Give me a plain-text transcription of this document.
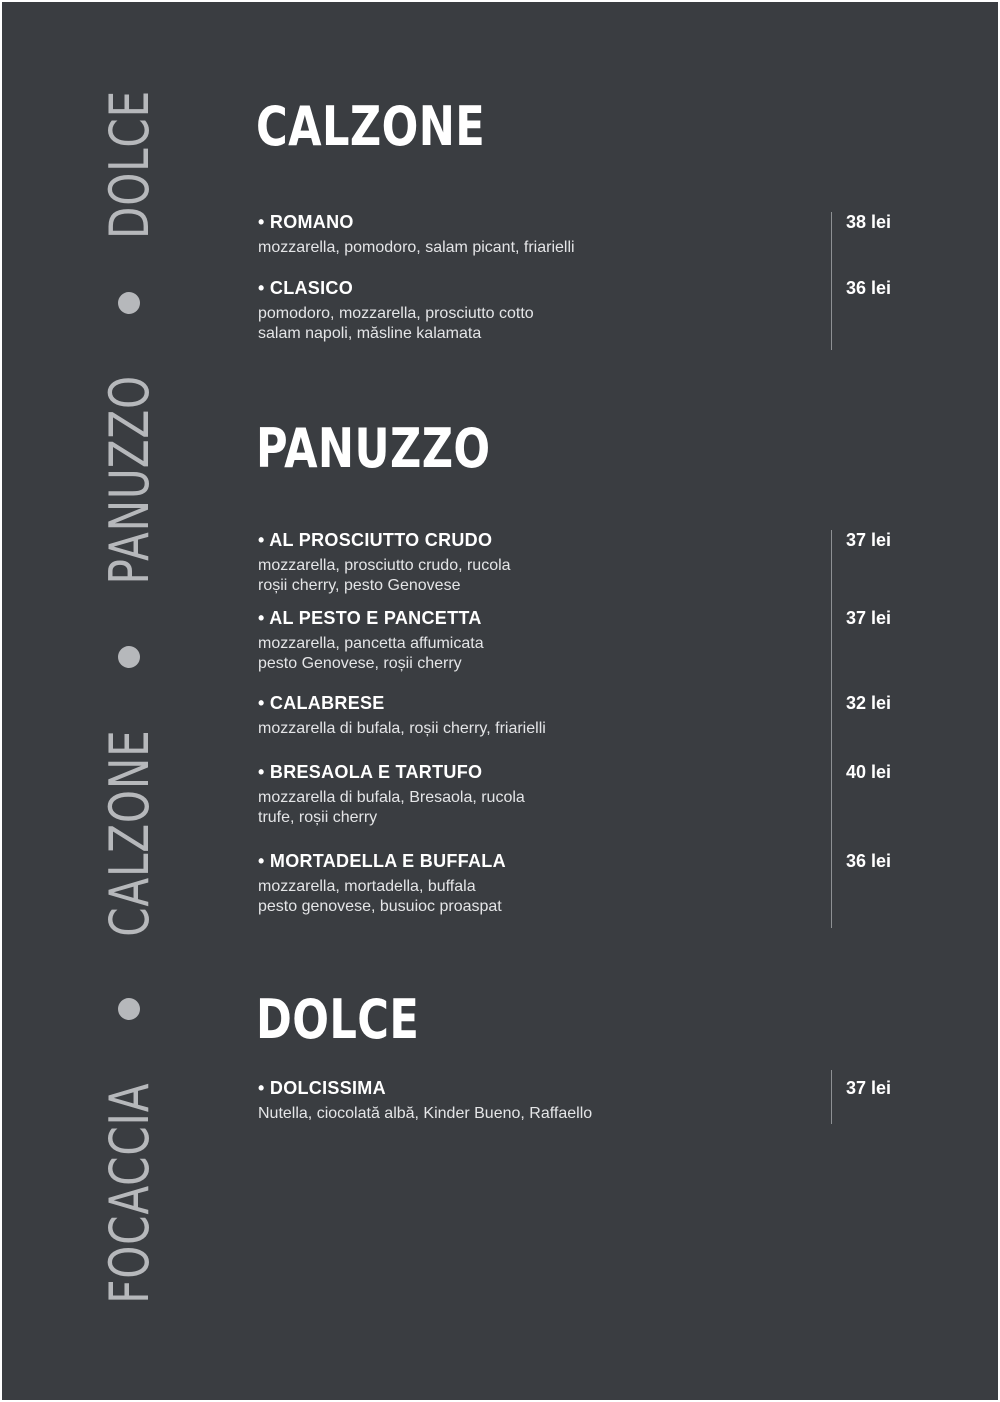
FOCACCIA
CALZONE
PANUZZO
DOLCE CALZONE

• ROMANO

mozzarella, pomodoro, salam picant, friarielli

38 lei

• CLASICO

pomodoro, mozzarella, prosciutto cotto
salam napoli, măsline kalamata

36 lei

PANUZZO

• AL PROSCIUTTO CRUDO

mozzarella, prosciutto crudo, rucola
roșii cherry, pesto Genovese

37 lei

• AL PESTO E PANCETTA

mozzarella, pancetta affumicata
pesto Genovese, roșii cherry

37 lei

• CALABRESE

mozzarella di bufala, roșii cherry, friarielli

32 lei

• BRESAOLA E TARTUFO

mozzarella di bufala, Bresaola, rucola
trufe, roșii cherry

40 lei

• MORTADELLA E BUFFALA

mozzarella, mortadella, buffala
pesto genovese, busuioc proaspat

36 lei

DOLCE

• DOLCISSIMA

Nutella, ciocolată albă, Kinder Bueno, Raffaello

37 lei
